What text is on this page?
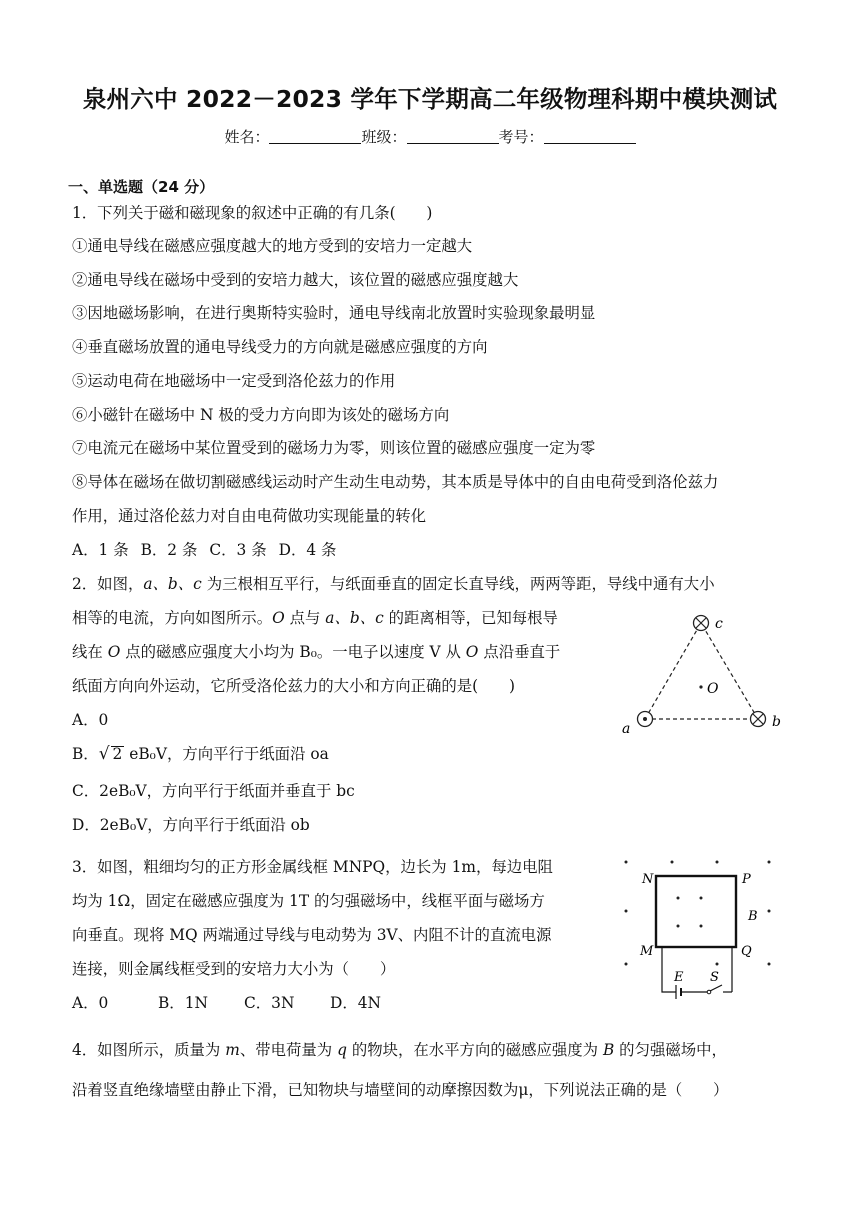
泉州六中 2022－2023 学年下学期高二年级物理科期中模块测试
姓名：	班级：	考号：
一、单选题（24 分）
1．下列关于磁和磁现象的叙述中正确的有几条(　　)
①通电导线在磁感应强度越大的地方受到的安培力一定越大
②通电导线在磁场中受到的安培力越大，该位置的磁感应强度越大
③因地磁场影响，在进行奥斯特实验时，通电导线南北放置时实验现象最明显
④垂直磁场放置的通电导线受力的方向就是磁感应强度的方向
⑤运动电荷在地磁场中一定受到洛伦兹力的作用
⑥小磁针在磁场中 N 极的受力方向即为该处的磁场方向
⑦电流元在磁场中某位置受到的磁场力为零，则该位置的磁感应强度一定为零
⑧导体在磁场在做切割磁感线运动时产生动生电动势，其本质是导体中的自由电荷受到洛伦兹力
作用，通过洛伦兹力对自由电荷做功实现能量的转化
A．1 条 B．2 条 C．3 条 D．4 条
2．如图，a、b、c 为三根相互平行，与纸面垂直的固定长直导线，两两等距，导线中通有大小
相等的电流，方向如图所示。O 点与 a、b、c 的距离相等，已知每根导
线在 O 点的磁感应强度大小均为 B₀。一电子以速度 V 从 O 点沿垂直于
纸面方向向外运动，它所受洛伦兹力的大小和方向正确的是(　　)
A．0
B．√ 2 eB₀V，方向平行于纸面沿 oa
C．2eB₀V，方向平行于纸面并垂直于 bc
D．2eB₀V，方向平行于纸面沿 ob
a	b
c
O
3．如图，粗细均匀的正方形金属线框 MNPQ，边长为 1m，每边电阻
均为 1Ω，固定在磁感应强度为 1T 的匀强磁场中，线框平面与磁场方
向垂直。现将 MQ 两端通过导线与电动势为 3V、内阻不计的直流电源
连接，则金属线框受到的安培力大小为（　　）
A．0	B．1N C．3N D．4N
N	P
M	Q
B
E S
4．如图所示，质量为 m、带电荷量为 q 的物块，在水平方向的磁感应强度为 B 的匀强磁场中，
沿着竖直绝缘墙壁由静止下滑，已知物块与墙壁间的动摩擦因数为μ，下列说法正确的是（　　）
